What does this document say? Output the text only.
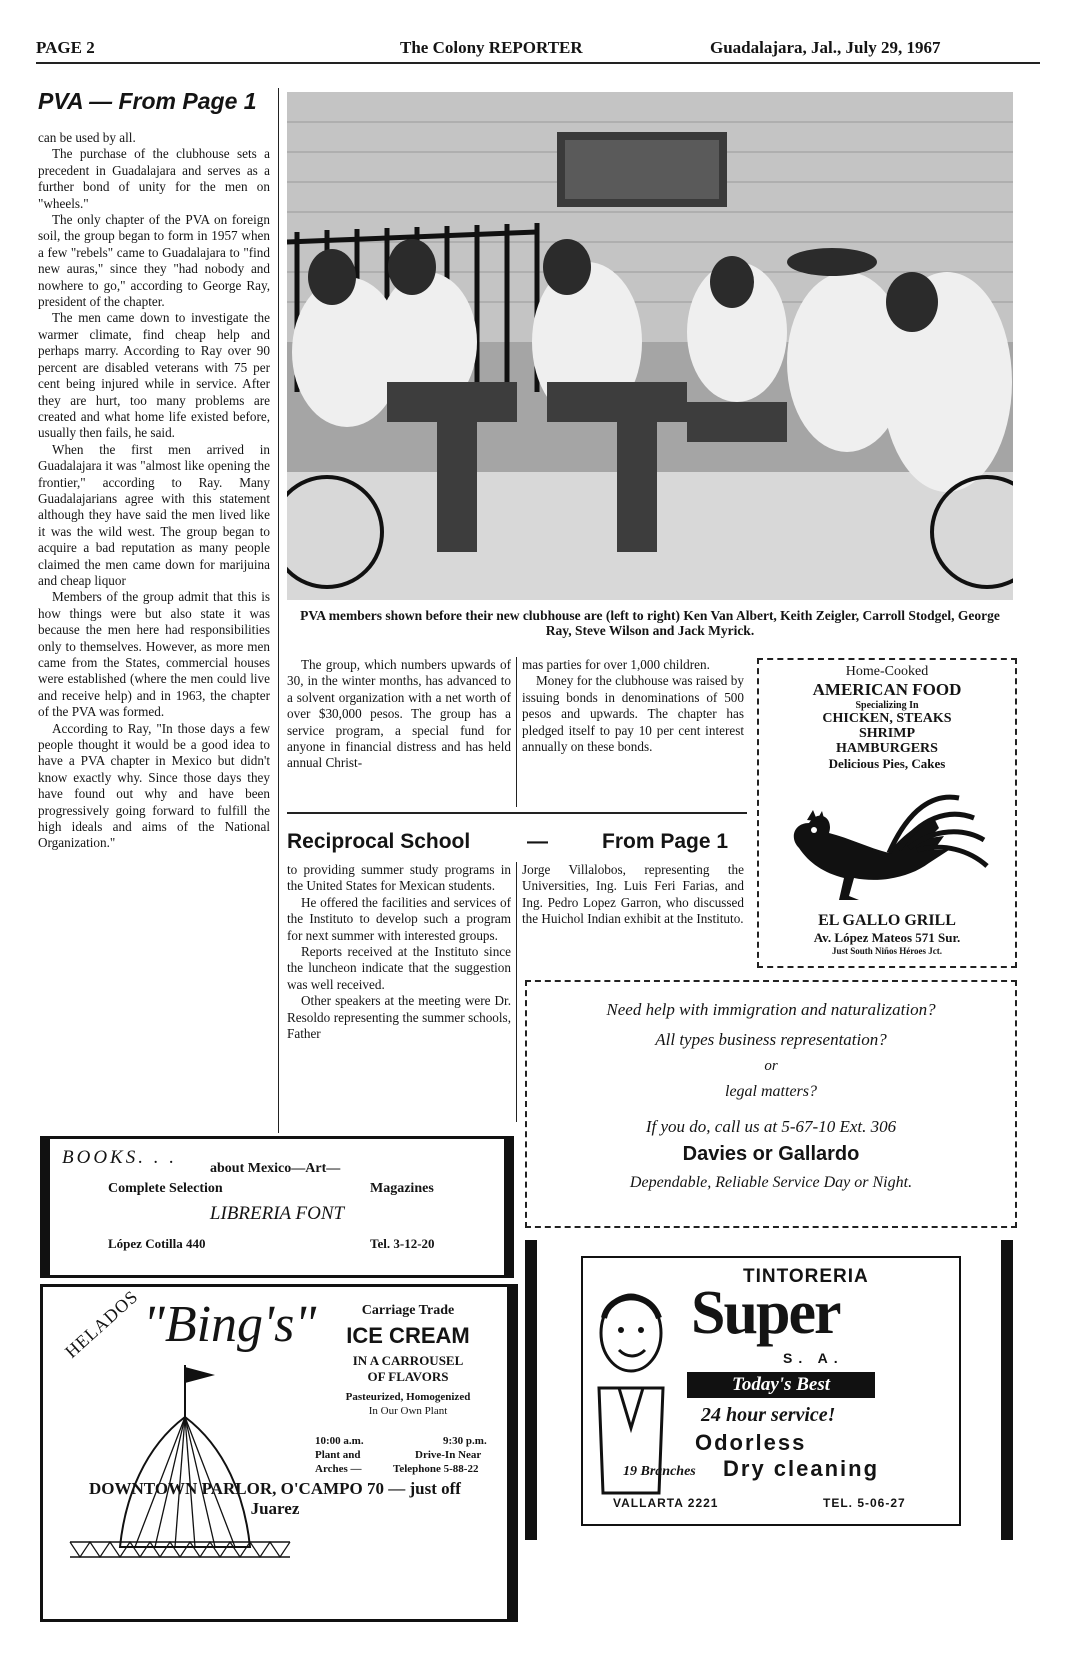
PAGE 2	The Colony REPORTER	Guadalajara, Jal., July 29, 1967
PVA — From Page 1

can be used by all.

The purchase of the clubhouse sets a precedent in Guadalajara and serves as a further bond of unity for the men on "wheels."

The only chapter of the PVA on foreign soil, the group began to form in 1957 when a few "rebels" came to Guadalajara to "find new auras," since they "had nobody and nowhere to go," according to George Ray, president of the chapter.

The men came down to investigate the warmer climate, find cheap help and perhaps marry. According to Ray over 90 percent are disabled veterans with 75 per cent being injured while in service. After they are hurt, too many problems are created and what home life existed before, usually then fails, he said.

When the first men arrived in Guadalajara it was "almost like opening the frontier," according to Ray. Many Guadalajarians agree with this statement although they have said the men lived like it was the wild west. The group began to acquire a bad reputation as many people claimed the men came down for marijuina and cheap liquor

Members of the group admit that this is how things were but also state it was because the men here had responsibilities only to themselves. However, as more men came from the States, commercial houses were established (where the men could live and receive help) and in 1963, the chapter of the PVA was formed.

According to Ray, "In those days a few people thought it would be a good idea to have a PVA chapter in Mexico but didn't know exactly why. Since those days they have found out why and have been progressively going forward to fulfill the high ideals and aims of the National Organization."

PVA members shown before their new clubhouse are (left to right) Ken Van Albert, Keith Zeigler, Carroll Stodgel, George Ray, Steve Wilson and Jack Myrick.

The group, which numbers upwards of 30, in the winter months, has advanced to a solvent organization with a net worth of over $30,000 pesos. The group has a service program, a special fund for anyone in financial distress and has held annual Christ-

mas parties for over 1,000 children.

Money for the clubhouse was raised by issuing bonds in denominations of 500 pesos and upwards. The chapter has pledged itself to pay 10 per cent interest annually on these bonds.

Reciprocal School	—	From Page 1

to providing summer study programs in the United States for Mexican students.

He offered the facilities and services of the Instituto to develop such a program for next summer with interested groups.

Reports received at the Instituto since the luncheon indicate that the suggestion was well received.

Other speakers at the meeting were Dr. Resoldo representing the summer schools, Father

Jorge Villalobos, representing the Universities, Ing. Luis Feri Farias, and Ing. Pedro Lopez Garron, who discussed the Huichol Indian exhibit at the Instituto.

Home-Cooked
AMERICAN FOOD
Specializing In
CHICKEN, STEAKS
SHRIMP
HAMBURGERS
Delicious Pies, Cakes
EL GALLO GRILL
Av. López Mateos 571 Sur.
Just South Niños Héroes Jct.
Need help with immigration and naturalization?
All types business representation?
or
legal matters?
If you do, call us at 5-67-10 Ext. 306
Davies or Gallardo
Dependable, Reliable Service Day or Night.
BOOKS. . .
about Mexico—Art—
Complete Selection	Magazines
LIBRERIA FONT
López Cotilla 440	Tel. 3-12-20
HELADOS "Bing's"	Carriage Trade
ICE CREAM
IN A CARROUSEL
OF FLAVORS
Pasteurized, Homogenized
In Our Own Plant
10:00 a.m.	9:30 p.m.
Plant and	Drive-In Near
Arches —	Telephone 5-88-22
DOWNTOWN PARLOR, O'CAMPO 70 — just off
Juarez
TINTORERIA
Super
S. A.
Today's Best
24 hour service!
Odorless
19 Branches Dry cleaning
VALLARTA 2221	TEL. 5-06-27
